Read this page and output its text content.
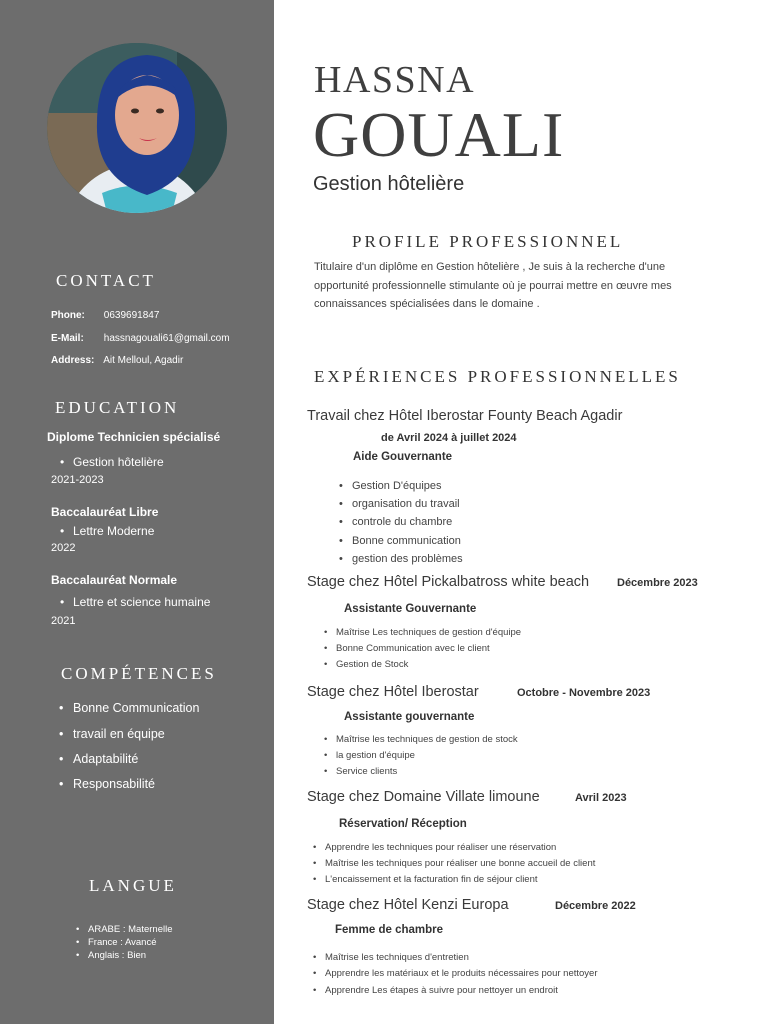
CONTACT
Phone: 0639691847
E-Mail: hassnagouali61@gmail.com
Address: Ait Melloul, Agadir
EDUCATION
Diplome Technicien spécialisé
• Gestion hôtelière
2021-2023
Baccalauréat Libre
• Lettre Moderne
2022
Baccalauréat Normale
• Lettre et science humaine
2021
COMPÉTENCES
• Bonne Communication
• travail en équipe
• Adaptabilité
• Responsabilité
LANGUE
• ARABE : Maternelle
• France : Avancé
• Anglais : Bien
HASSNA
GOUALI
Gestion hôtelière
PROFILE PROFESSIONNEL
Titulaire d'un diplôme en Gestion hôtelière , Je suis à la recherche d'une opportunité professionnelle stimulante où je pourrai mettre en œuvre mes connaissances spécialisées dans le domaine .
EXPÉRIENCES PROFESSIONNELLES
Travail chez Hôtel Iberostar Founty Beach Agadir
de Avril 2024 à juillet 2024
Aide Gouvernante
• Gestion D'équipes
• organisation du travail
• controle du chambre
• Bonne communication
• gestion des problèmes
Stage chez Hôtel Pickalbatross white beach	Décembre 2023
Assistante Gouvernante
• Maîtrise Les techniques de gestion d'équipe
• Bonne Communication avec le client
• Gestion de Stock
Stage chez Hôtel Iberostar	Octobre - Novembre 2023
Assistante gouvernante
• Maîtrise les techniques de gestion de stock
• la gestion d'équipe
• Service clients
Stage chez Domaine Villate limoune	Avril 2023
Réservation/ Réception
• Apprendre les techniques pour réaliser une réservation
• Maîtrise les techniques pour réaliser une bonne accueil de client
• L'encaissement et la facturation fin de séjour client
Stage chez Hôtel Kenzi Europa	Décembre 2022
Femme de chambre
• Maîtrise les techniques d'entretien
• Apprendre les matériaux et le produits nécessaires pour nettoyer
• Apprendre Les étapes à suivre pour nettoyer un endroit
